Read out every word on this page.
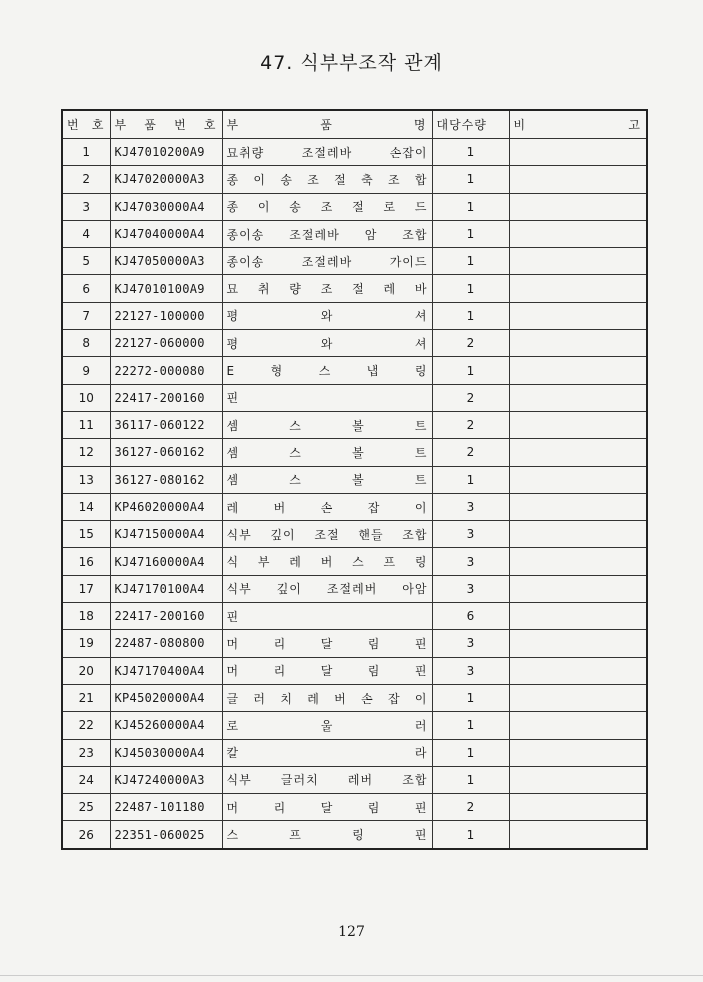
47. 식부부조작 관계
번 호	부 품 번 호	부 품 명	대당수량	비 고
1	KJ47010200A9	묘취량 조절레바 손잡이	1	
2	KJ47020000A3	종 이 송 조 절 축 조 합	1	
3	KJ47030000A4	종 이 송 조 절 로 드	1	
4	KJ47040000A4	종이송 조절레바 암 조합	1	
5	KJ47050000A3	종이송 조절레바 가이드	1	
6	KJ47010100A9	묘 취 량 조 절 레 바	1	
7	22127-100000	평 와 셔	1	
8	22127-060000	평 와 셔	2	
9	22272-000080	E 형 스 냅 링	1	
10	22417-200160	핀	2	
11	36117-060122	셈 스 볼 트	2	
12	36127-060162	셈 스 볼 트	2	
13	36127-080162	셈 스 볼 트	1	
14	KP46020000A4	레 버 손 잡 이	3	
15	KJ47150000A4	식부 깊이 조절 핸들 조합	3	
16	KJ47160000A4	식 부 레 버 스 프 링	3	
17	KJ47170100A4	식부 깊이 조절레버 아암	3	
18	22417-200160	핀	6	
19	22487-080800	머 리 달 림 핀	3	
20	KJ47170400A4	머 리 달 림 핀	3	
21	KP45020000A4	글 러 치 레 버 손 잡 이	1	
22	KJ45260000A4	로 울 러	1	
23	KJ45030000A4	칼 라	1	
24	KJ47240000A3	식부 글러치 레버 조합	1	
25	22487-101180	머 리 달 림 핀	2	
26	22351-060025	스 프 링 핀	1	
127
